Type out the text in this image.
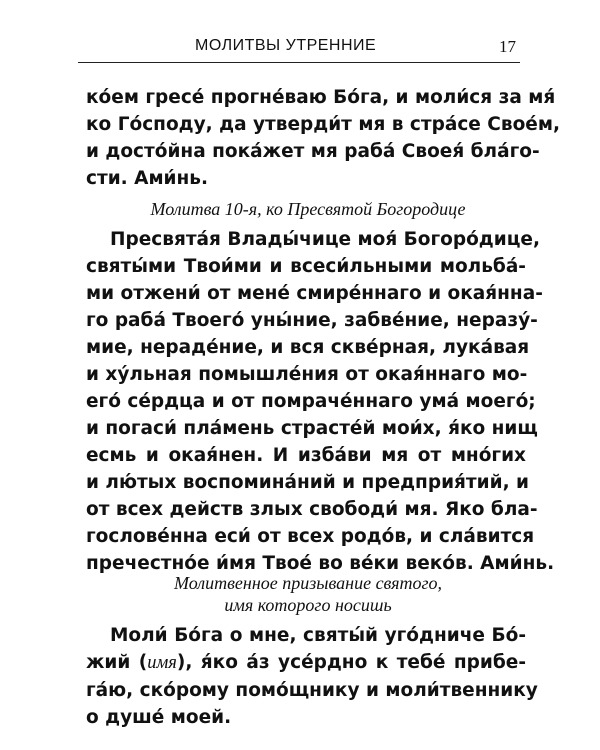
МОЛИТВЫ УТРЕННИЕ	17

ко́ем гресе́ прогне́ваю Бо́га, и моли́ся за мя́
ко Го́споду, да утверди́т мя в стра́се Свое́м,
и досто́йна пока́жет мя раба́ Своея́ бла́го-
сти. Ами́нь.

Молитва 10-я, ко Пресвятой Богородице

Пресвята́я Влады́чице моя́ Богоро́дице,
святы́ми Твои́ми и всеси́льными мольба́-
ми отжени́ от мене́ смире́ннаго и окая́нна-
го раба́ Твоего́ уны́ние, забве́ние, неразу́-
мие, нераде́ние, и вся скве́рная, лука́вая
и ху́льная помышле́ния от окая́ннаго мо-
его́ се́рдца и от помраче́ннаго ума́ моего́;
и погаси́ пла́мень страсте́й мои́х, я́ко нищ
есмь и окая́нен. И изба́ви мя от мно́гих
и лю́тых воспомина́ний и предприя́тий, и
от всех действ злых свободи́ мя. Яко бла-
гослове́нна еси́ от всех родо́в, и сла́вится
пречестно́е и́мя Твое́ во ве́ки веко́в. Ами́нь.

Молитвенное призывание святого,
имя которого носишь

Моли́ Бо́га о мне, святы́й уго́дниче Бо́-
жий (имя), я́ко а́з усе́рдно к тебе́ прибе-
га́ю, ско́рому помо́щнику и моли́твеннику
о душе́ моей.
